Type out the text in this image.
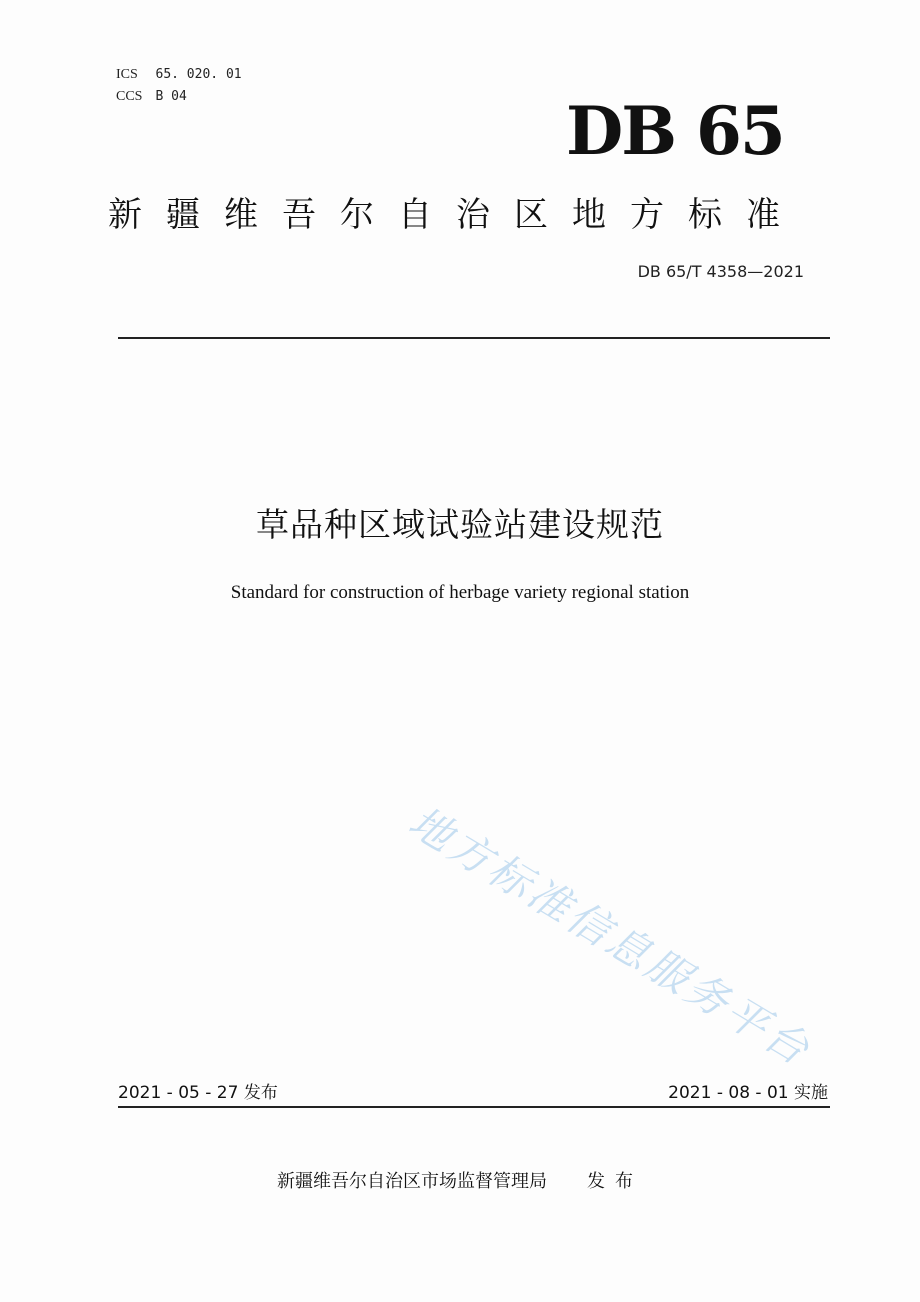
ICS 65. 020. 01
CCS B 04	DB 65
新疆维吾尔自治区地方标准
DB 65/T 4358—2021
草品种区域试验站建设规范
Standard for construction of herbage variety regional station
地方标准信息服务平台
2021 - 05 - 27 发布	2021 - 08 - 01 实施
新疆维吾尔自治区市场监督管理局 发布
